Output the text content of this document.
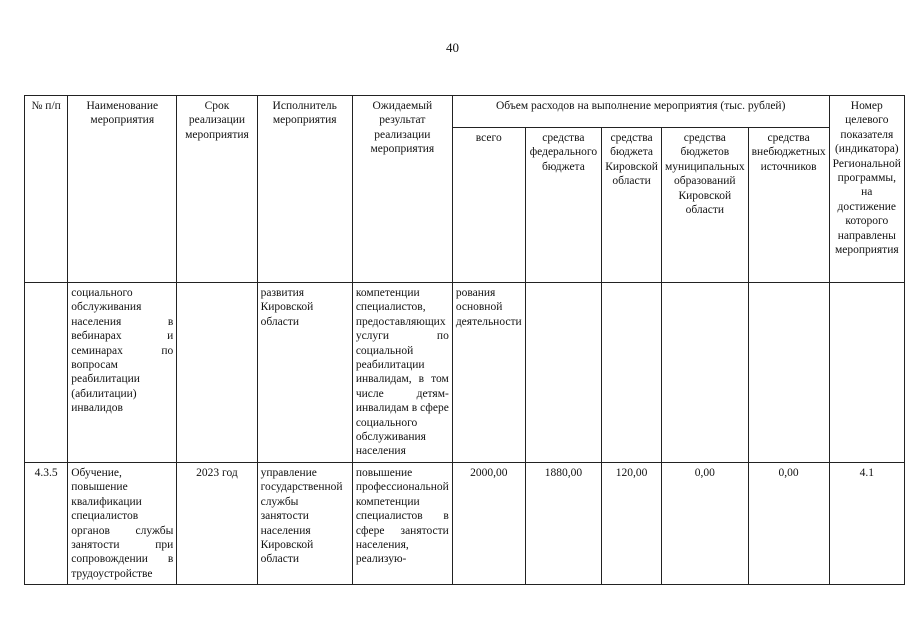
40
№ п/п	Наименование мероприятия	Срок реализации мероприятия	Исполнитель мероприятия	Ожидаемый результат реализации мероприятия	Объем расходов на выполнение мероприятия (тыс. рублей)					Номер целевого показателя (индикатора) Региональной программы, на достижение которого направлены мероприятия
					всего	средства федерального бюджета	средства бюджета Кировской области	средства бюджетов муниципальных образований Кировской области	средства внебюджетных источников	
	социального обслуживания населения в вебинарах и семинарах по вопросам реабилитации (абилитации) инвалидов		развития Кировской области	компетенции специалистов, предоставляющих услуги по социальной реабилитации инвалидам, в том числе детям-инвалидам в сфере социального обслуживания населения	рования основной деятельности					
4.3.5	Обучение, повышение квалификации специалистов органов службы занятости при сопровождении в трудоустройстве	2023 год	управление государственной службы занятости населения Кировской области	повышение профессиональной компетенции специалистов в сфере занятости населения, реализую-	2000,00	1880,00	120,00	0,00	0,00	4.1
